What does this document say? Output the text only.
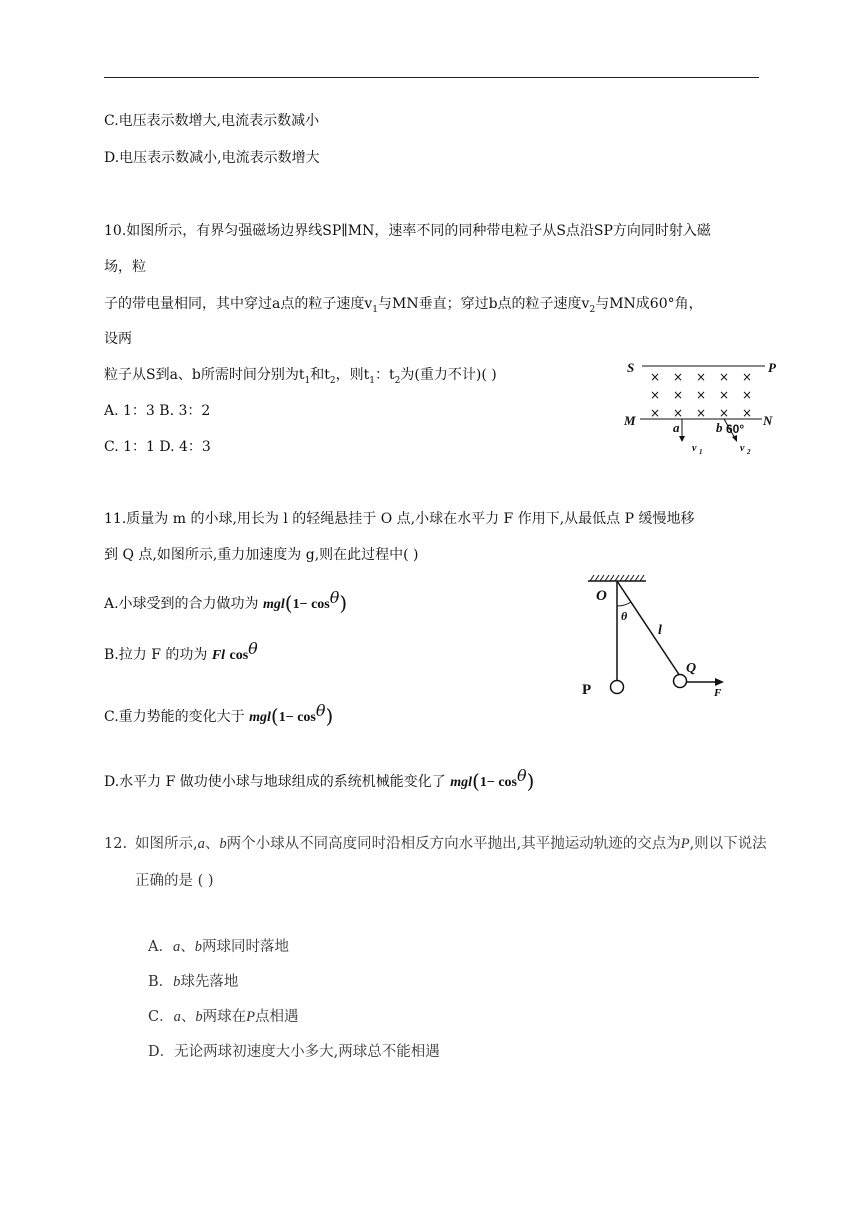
C.电压表示数增大,电流表示数减小
D.电压表示数减小,电流表示数增大
10.如图所示，有界匀强磁场边界线SP∥MN，速率不同的同种带电粒子从S点沿SP方向同时射入磁
场，粒
子的带电量相同，其中穿过a点的粒子速度$v_1$与MN垂直；穿过b点的粒子速度$v_2$与MN成60°角，
设两
粒子从S到a、b所需时间分别为$t_1$和$t_2$，则$t_1$：$t_2$为(重力不计)( )
A. 1：3 B. 3：2
C. 1：1 D. 4：3
S	P
M	N
a	b
v 1	v 2
60°
× × × × ×
× × × × ×
× × × × ×
11.质量为 m 的小球,用长为 l 的轻绳悬挂于 O 点,小球在水平力 F 作用下,从最低点 P 缓慢地移
到 Q 点,如图所示,重力加速度为 g,则在此过程中( )
A.小球受到的合力做功为 mgl(1− cosθ)
B.拉力 F 的功为 Fl cosθ
C.重力势能的变化大于 mgl(1− cosθ)
D.水平力 F 做功使小球与地球组成的系统机械能变化了 mgl(1− cosθ)
O
θ
l
P
Q
F
12. 如图所示,a、b两个小球从不同高度同时沿相反方向水平抛出,其平抛运动轨迹的交点为P,则以下说法
正确的是 ( )
A．a、b两球同时落地
B．b球先落地
C．a、b两球在P点相遇
D．无论两球初速度大小多大,两球总不能相遇
